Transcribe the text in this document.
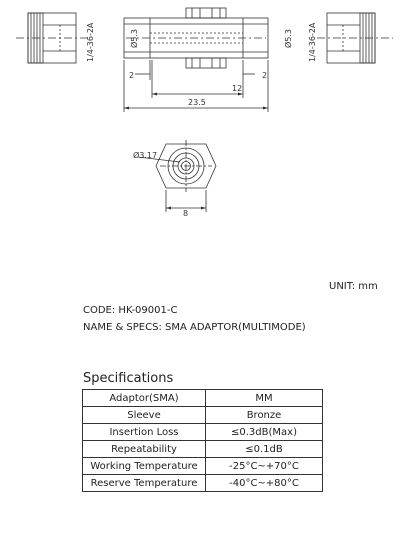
1/4-36-2A	Ø5.3	Ø5.3 1/4-36-2A
2	2
12
23.5
Ø3.17
8
UNIT: mm
CODE: HK-09001-C
NAME & SPECS: SMA ADAPTOR(MULTIMODE)
Specifications
Adaptor(SMA)	MM
Sleeve	Bronze
Insertion Loss	≤0.3dB(Max)
Repeatability	≤0.1dB
Working Temperature	-25°C~+70°C
Reserve Temperature	-40°C~+80°C
